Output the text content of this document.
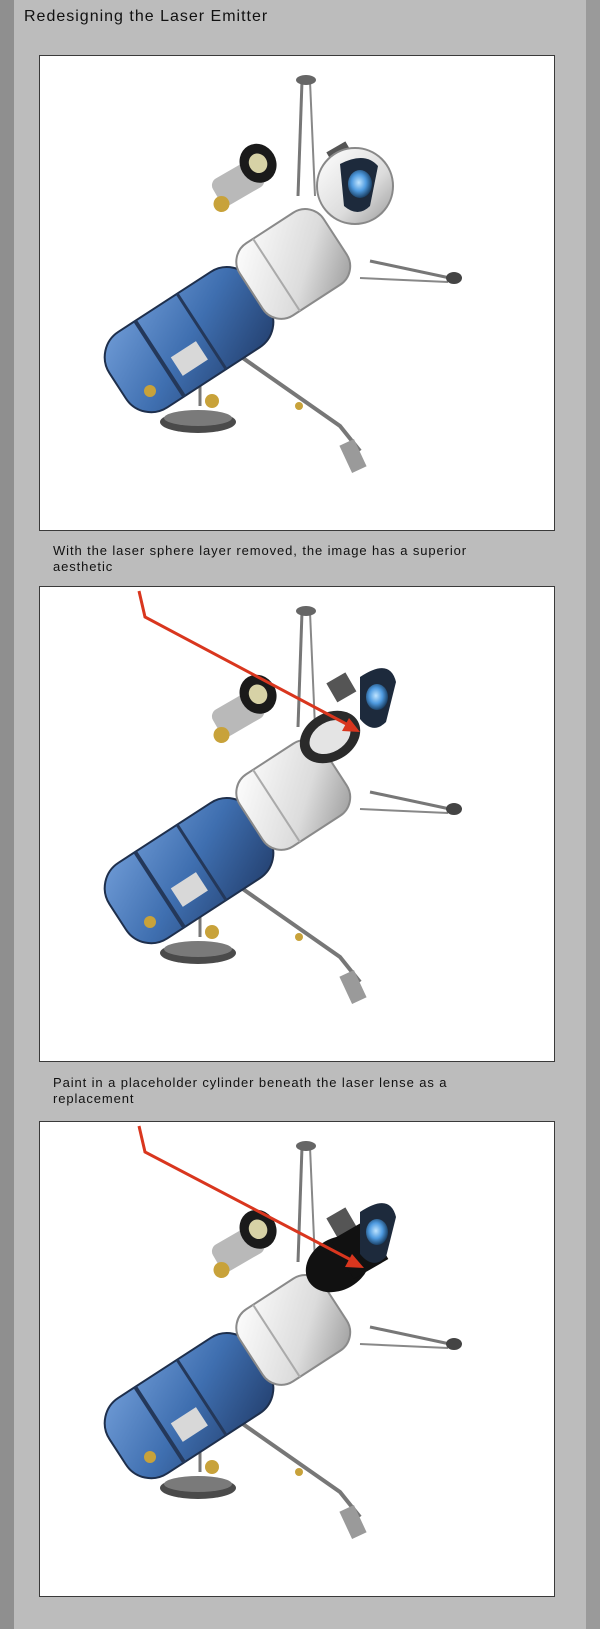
Redesigning the Laser Emitter
With the laser sphere layer removed, the image has a superior aesthetic
Paint in a placeholder cylinder beneath the laser lense as a replacement
